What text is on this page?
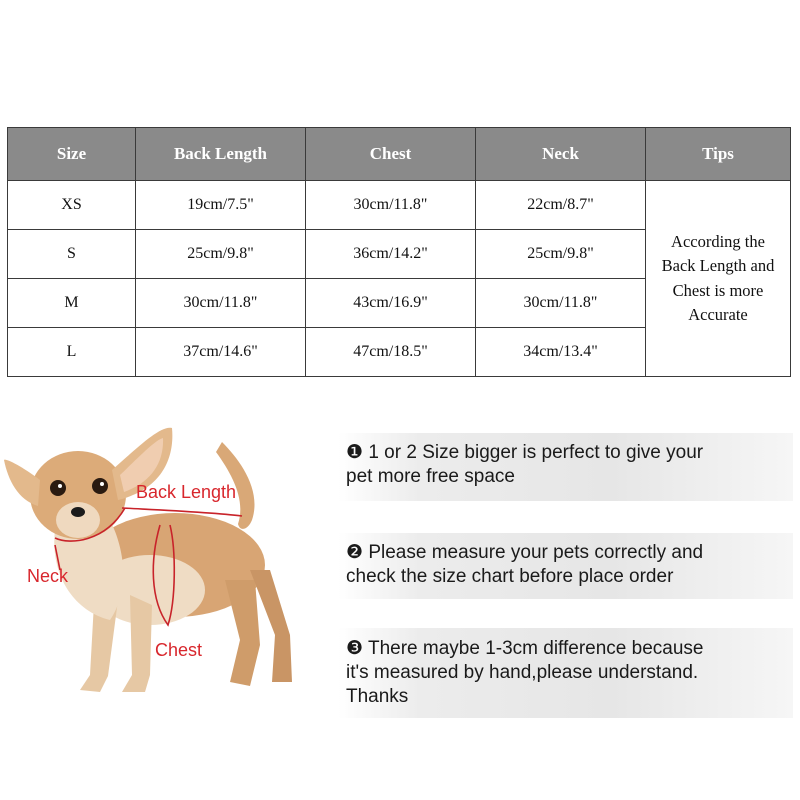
Size	Back Length	Chest	Neck	Tips
XS	19cm/7.5"	30cm/11.8"	22cm/8.7"	According the
Back Length and
Chest is more
Accurate
S	25cm/9.8"	36cm/14.2"	25cm/9.8"	
M	30cm/11.8"	43cm/16.9"	30cm/11.8"	
L	37cm/14.6"	47cm/18.5"	34cm/13.4"	
Back Length
Neck
Chest
❶ 1 or 2 Size bigger is perfect to give your
pet more free space
❷ Please measure your pets correctly and
check the size chart before place order
❸ There maybe 1-3cm difference because
it's measured by hand,please understand.
Thanks
